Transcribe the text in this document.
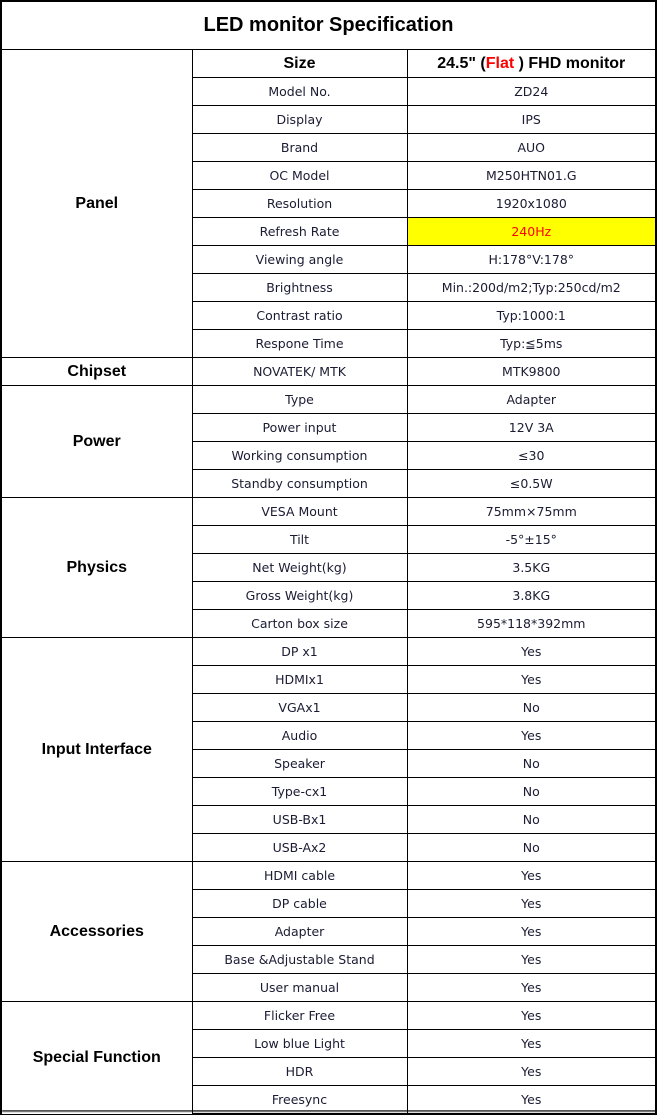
LED monitor Specification		
Panel	Size	24.5" (Flat ) FHD monitor
	Model No.	ZD24
	Display	IPS
	Brand	AUO
	OC Model	M250HTN01.G
	Resolution	1920x1080
	Refresh Rate	240Hz
	Viewing angle	H:178°V:178°
	Brightness	Min.:200d/m2;Typ:250cd/m2
	Contrast ratio	Typ:1000:1
	Respone Time	Typ:≦5ms
Chipset	NOVATEK/ MTK	MTK9800
Power	Type	Adapter
	Power input	12V 3A
	Working consumption	≤30
	Standby consumption	≤0.5W
Physics	VESA Mount	75mm×75mm
	Tilt	-5°±15°
	Net Weight(kg)	3.5KG
	Gross Weight(kg)	3.8KG
	Carton box size	595*118*392mm
Input Interface	DP x1	Yes
	HDMIx1	Yes
	VGAx1	No
	Audio	Yes
	Speaker	No
	Type-cx1	No
	USB-Bx1	No
	USB-Ax2	No
Accessories	HDMI cable	Yes
	DP cable	Yes
	Adapter	Yes
	Base &Adjustable Stand	Yes
	User manual	Yes
Special Function	Flicker Free	Yes
	Low blue Light	Yes
	HDR	Yes
	Freesync	Yes
